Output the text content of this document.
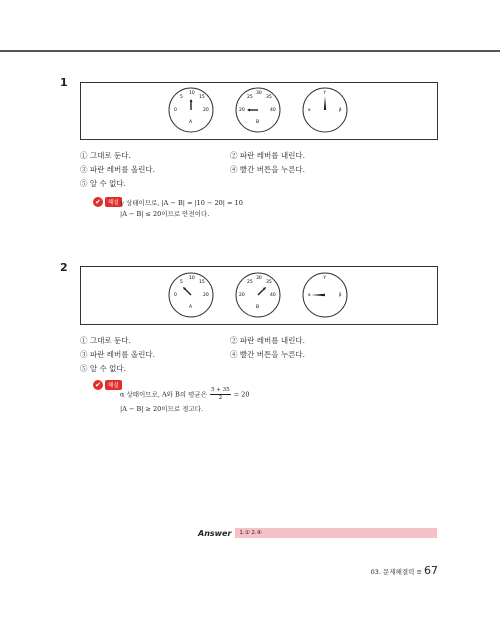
1
5
10
15
0	20
A
25
30
35
20	40
B
Y
α	β
① 그대로 둔다.	② 파란 레버를 내린다.
③ 파란 레버를 올린다.	④ 빨간 버튼을 누른다.
⑤ 알 수 없다.
✔	해설 γ 상태이므로, |A − B| = |10 − 20| = 10
|A − B| ≤ 20이므로 안전이다.
2
5
10
15
0	20
A
25
30
35
20	40
B
Y
α	β
① 그대로 둔다.	② 파란 레버를 내린다.
③ 파란 레버를 올린다.	④ 빨간 버튼을 누른다.
⑤ 알 수 없다.
✔	해설
α 상태이므로, A와 B의 평균은 $\frac{5 + 35}{2} = 20$
|A − B| ≥ 20이므로 경고다.
Answer	1.① 2.④
03. 문제해결력 ≡ 67
